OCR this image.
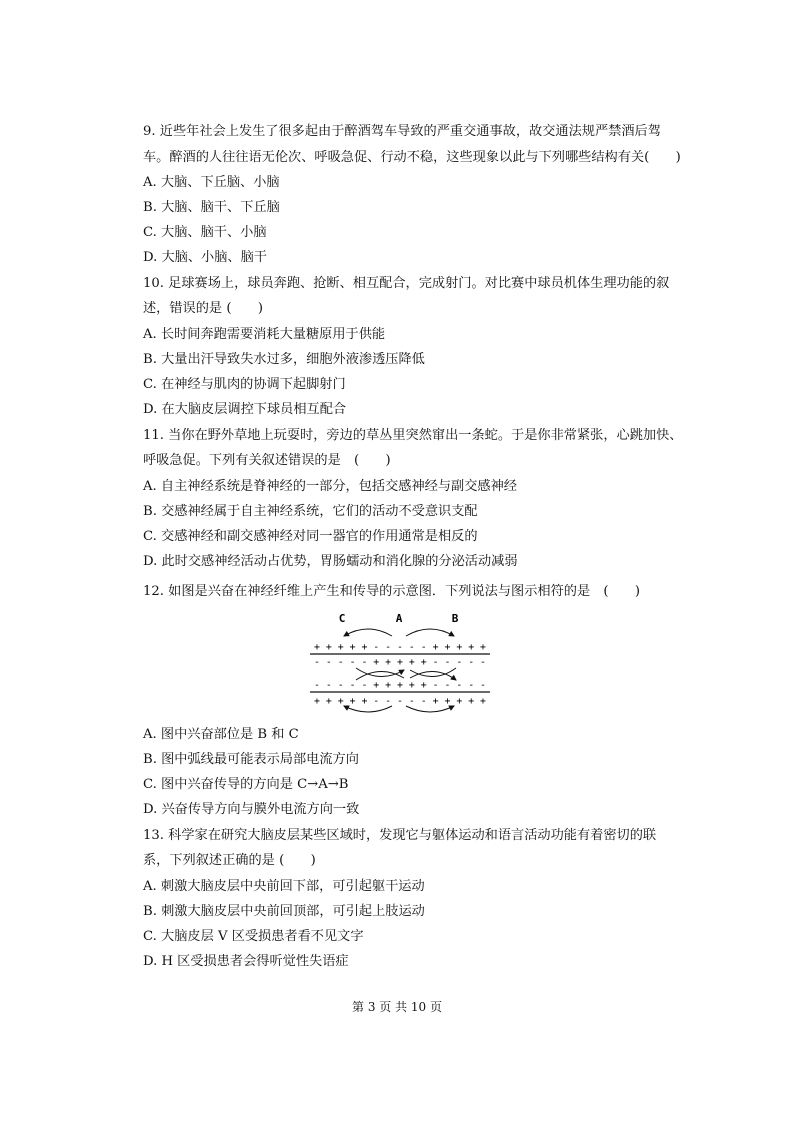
9. 近些年社会上发生了很多起由于醉酒驾车导致的严重交通事故，故交通法规严禁酒后驾
车。醉酒的人往往语无伦次、呼吸急促、行动不稳，这些现象以此与下列哪些结构有关(　　)
A. 大脑、下丘脑、小脑
B. 大脑、脑干、下丘脑
C. 大脑、脑干、小脑
D. 大脑、小脑、脑干
10. 足球赛场上，球员奔跑、抢断、相互配合，完成射门。对比赛中球员机体生理功能的叙
述，错误的是 (　　)
A. 长时间奔跑需要消耗大量糖原用于供能
B. 大量出汗导致失水过多，细胞外液渗透压降低
C. 在神经与肌肉的协调下起脚射门
D. 在大脑皮层调控下球员相互配合
11. 当你在野外草地上玩耍时，旁边的草丛里突然窜出一条蛇。于是你非常紧张，心跳加快、
呼吸急促。下列有关叙述错误的是　(　　)
A. 自主神经系统是脊神经的一部分，包括交感神经与副交感神经
B. 交感神经属于自主神经系统，它们的活动不受意识支配
C. 交感神经和副交感神经对同一器官的作用通常是相反的
D. 此时交感神经活动占优势，胃肠蠕动和消化腺的分泌活动减弱
12. 如图是兴奋在神经纤维上产生和传导的示意图．下列说法与图示相符的是　(　　)
C	A	B
+ + + + + - - - - - + + + + +
- - - - - + + + + + - - - - -
- - - - - + + + + + - - - - -
+ + + + + - - - - - + + + + +
A. 图中兴奋部位是 B 和 C
B. 图中弧线最可能表示局部电流方向
C. 图中兴奋传导的方向是 C→A→B
D. 兴奋传导方向与膜外电流方向一致
13. 科学家在研究大脑皮层某些区域时，发现它与躯体运动和语言活动功能有着密切的联
系，下列叙述正确的是 (　　)
A. 刺激大脑皮层中央前回下部，可引起躯干运动
B. 刺激大脑皮层中央前回顶部，可引起上肢运动
C. 大脑皮层 V 区受损患者看不见文字
D. H 区受损患者会得听觉性失语症
第 3 页 共 10 页
